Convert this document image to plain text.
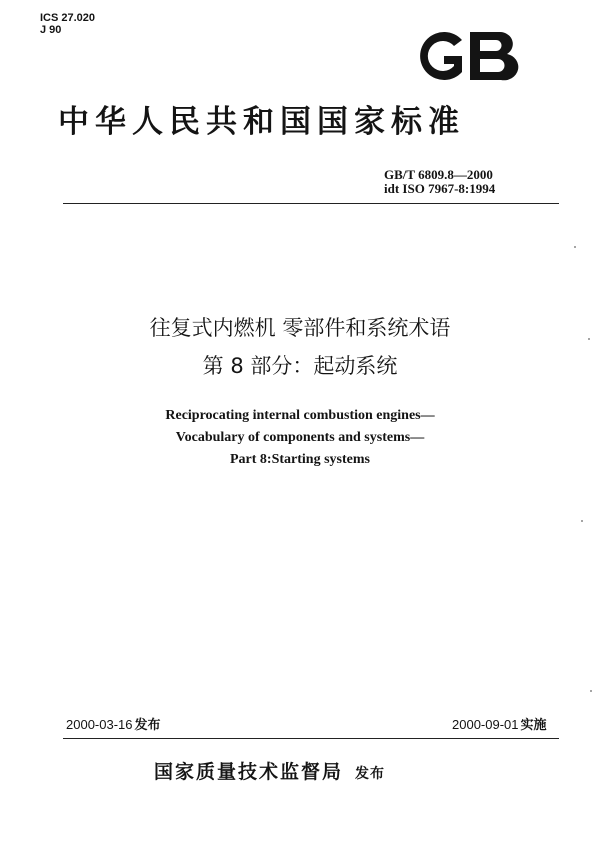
ICS 27.020
J 90	GB
中华人民共和国国家标准
GB/T 6809.8—2000
idt ISO 7967-8:1994
往复式内燃机 零部件和系统术语
第 8 部分：起动系统
Reciprocating internal combustion engines—
Vocabulary of components and systems—
Part 8:Starting systems
2000-03-16 发布	2000-09-01 实施
国家质量技术监督局 发布
